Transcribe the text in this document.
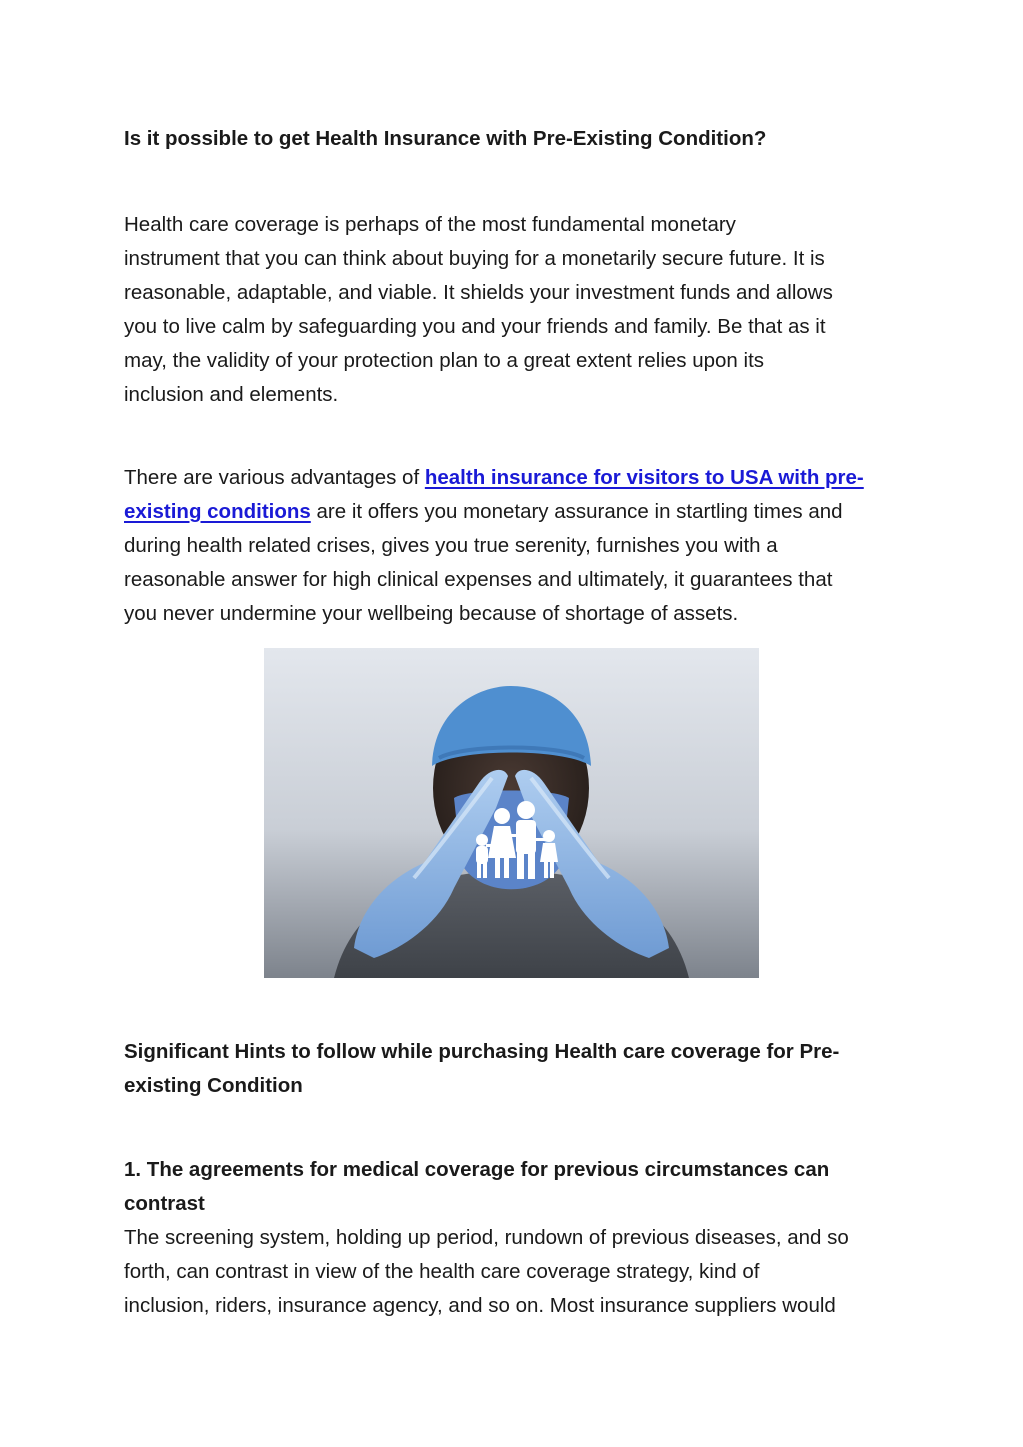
Is it possible to get Health Insurance with Pre-Existing Condition?
Health care coverage is perhaps of the most fundamental monetary
instrument that you can think about buying for a monetarily secure future. It is
reasonable, adaptable, and viable. It shields your investment funds and allows
you to live calm by safeguarding you and your friends and family. Be that as it
may, the validity of your protection plan to a great extent relies upon its
inclusion and elements.
There are various advantages of health insurance for visitors to USA with pre-
existing conditions are it offers you monetary assurance in startling times and
during health related crises, gives you true serenity, furnishes you with a
reasonable answer for high clinical expenses and ultimately, it guarantees that
you never undermine your wellbeing because of shortage of assets.
Significant Hints to follow while purchasing Health care coverage for Pre-
existing Condition
1. The agreements for medical coverage for previous circumstances can
contrast
The screening system, holding up period, rundown of previous diseases, and so
forth, can contrast in view of the health care coverage strategy, kind of
inclusion, riders, insurance agency, and so on. Most insurance suppliers would
